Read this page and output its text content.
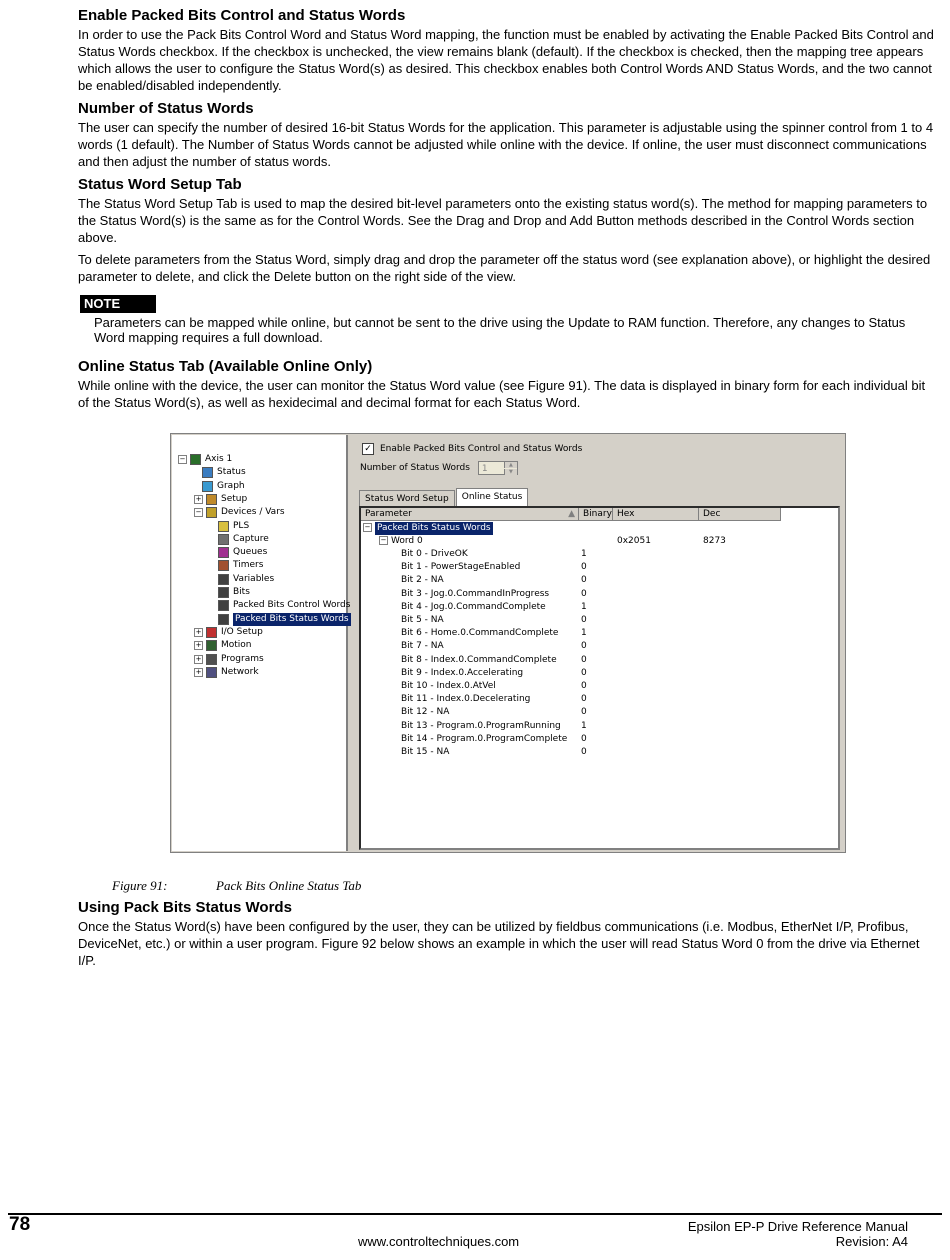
Enable Packed Bits Control and Status Words

In order to use the Pack Bits Control Word and Status Word mapping, the function must be enabled by activating the Enable Packed Bits Control and Status Words checkbox. If the checkbox is unchecked, the view remains blank (default). If the checkbox is checked, then the mapping tree appears which allows the user to configure the Status Word(s) as desired. This checkbox enables both Control Words AND Status Words, and the two cannot be enabled/disabled independently.

Number of Status Words

The user can specify the number of desired 16-bit Status Words for the application. This parameter is adjustable using the spinner control from 1 to 4 words (1 default). The Number of Status Words cannot be adjusted while online with the device. If online, the user must disconnect communications and then adjust the number of status words.

Status Word Setup Tab

The Status Word Setup Tab is used to map the desired bit-level parameters onto the existing status word(s). The method for mapping parameters to the Status Word(s) is the same as for the Control Words. See the Drag and Drop and Add Button methods described in the Control Words section above.

To delete parameters from the Status Word, simply drag and drop the parameter off the status word (see explanation above), or highlight the desired parameter to delete, and click the Delete button on the right side of the view.

NOTE
Parameters can be mapped while online, but cannot be sent to the drive using the Update to RAM function. Therefore, any changes to Status Word mapping requires a full download.
Online Status Tab (Available Online Only)

While online with the device, the user can monitor the Status Word value (see Figure 91). The data is displayed in binary form for each individual bit of the Status Word(s), as well as hexidecimal and decimal format for each Status Word.

− Axis 1
Status
Graph
+ Setup
− Devices / Vars
PLS
Capture
Queues
Timers
Variables
Bits
Packed Bits Control Words
Packed Bits Status Words
+ I/O Setup
+ Motion
+ Programs
+ Network
✓ Enable Packed Bits Control and Status Words
Number of Status Words	1	▲
▼
Status Word Setup	Online Status
Parameter	▲ Binary Hex	Dec
− Packed Bits Status Words
− Word 0	0x2051	8273
Bit 0 - DriveOK	1
Bit 1 - PowerStageEnabled	0
Bit 2 - NA	0
Bit 3 - Jog.0.CommandInProgress	0
Bit 4 - Jog.0.CommandComplete	1
Bit 5 - NA	0
Bit 6 - Home.0.CommandComplete	1
Bit 7 - NA	0
Bit 8 - Index.0.CommandComplete	0
Bit 9 - Index.0.Accelerating	0
Bit 10 - Index.0.AtVel	0
Bit 11 - Index.0.Decelerating	0
Bit 12 - NA	0
Bit 13 - Program.0.ProgramRunning 1
Bit 14 - Program.0.ProgramComplete 0
Bit 15 - NA	0
Figure 91:	Pack Bits Online Status Tab
Using Pack Bits Status Words

Once the Status Word(s) have been configured by the user, they can be utilized by fieldbus communications (i.e. Modbus, EtherNet I/P, Profibus, DeviceNet, etc.) or within a user program. Figure 92 below shows an example in which the user will read Status Word 0 from the drive via Ethernet I/P.

78	Epsilon EP-P Drive Reference Manual
Revision: A4
www.controltechniques.com
